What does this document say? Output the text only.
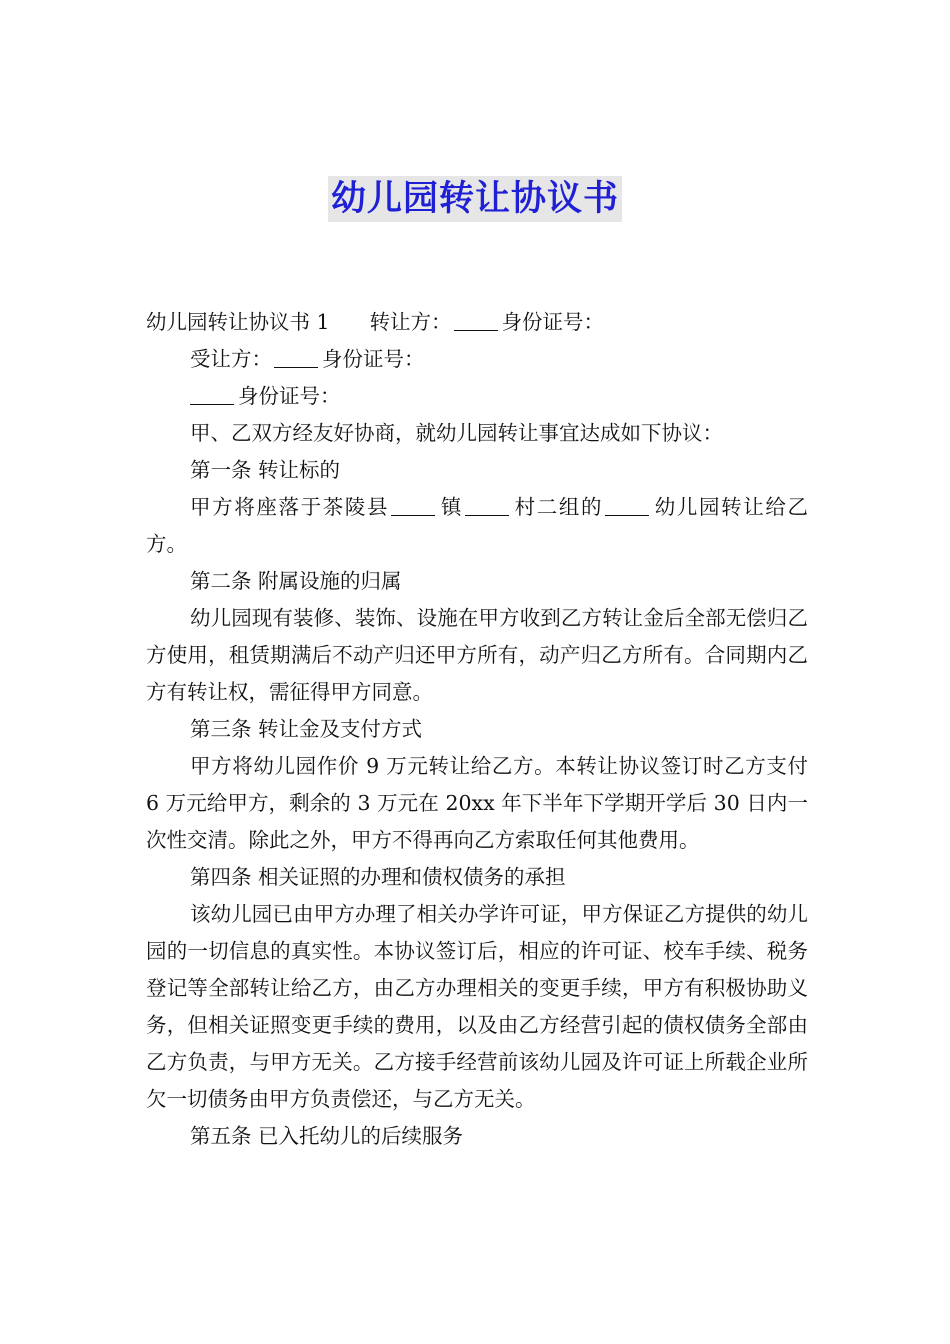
幼儿园转让协议书

幼儿园转让协议书 1 转让方： 身份证号：

受让方： 身份证号：

身份证号：

甲、乙双方经友好协商，就幼儿园转让事宜达成如下协议：

第一条 转让标的

甲方将座落于茶陵县 镇 村二组的 幼儿园转让给乙方。

第二条 附属设施的归属

幼儿园现有装修、装饰、设施在甲方收到乙方转让金后全部无偿归乙方使用，租赁期满后不动产归还甲方所有，动产归乙方所有。合同期内乙方有转让权，需征得甲方同意。

第三条 转让金及支付方式

甲方将幼儿园作价 9 万元转让给乙方。本转让协议签订时乙方支付 6 万元给甲方，剩余的 3 万元在 20xx 年下半年下学期开学后 30 日内一次性交清。除此之外，甲方不得再向乙方索取任何其他费用。

第四条 相关证照的办理和债权债务的承担

该幼儿园已由甲方办理了相关办学许可证，甲方保证乙方提供的幼儿园的一切信息的真实性。本协议签订后，相应的许可证、校车手续、税务登记等全部转让给乙方，由乙方办理相关的变更手续，甲方有积极协助义务，但相关证照变更手续的费用，以及由乙方经营引起的债权债务全部由乙方负责，与甲方无关。乙方接手经营前该幼儿园及许可证上所载企业所欠一切债务由甲方负责偿还，与乙方无关。

第五条 已入托幼儿的后续服务
